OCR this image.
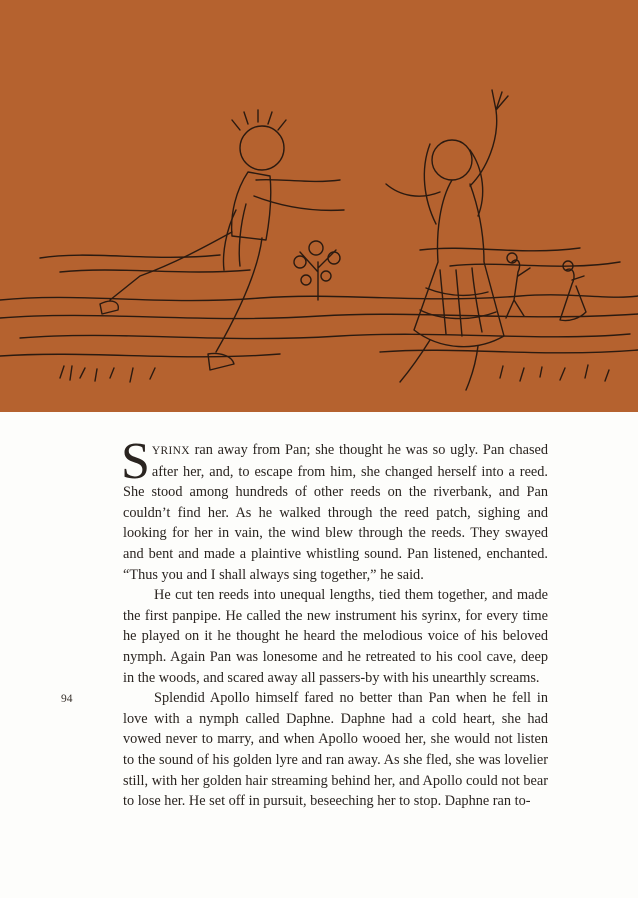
SYRINX ran away from Pan; she thought he was so ugly. Pan chased after her, and, to escape from him, she changed herself into a reed. She stood among hundreds of other reeds on the riverbank, and Pan couldn’t find her. As he walked through the reed patch, sighing and looking for her in vain, the wind blew through the reeds. They swayed and bent and made a plaintive whistling sound. Pan listened, enchanted. “Thus you and I shall always sing together,” he said.

He cut ten reeds into unequal lengths, tied them together, and made the first panpipe. He called the new instrument his syrinx, for every time he played on it he thought he heard the melodious voice of his beloved nymph. Again Pan was lonesome and he retreated to his cool cave, deep in the woods, and scared away all passers-by with his unearthly screams.

Splendid Apollo himself fared no better than Pan when he fell in love with a nymph called Daphne. Daphne had a cold heart, she had vowed never to marry, and when Apollo wooed her, she would not listen to the sound of his golden lyre and ran away. As she fled, she was lovelier still, with her golden hair streaming behind her, and Apollo could not bear to lose her. He set off in pursuit, beseeching her to stop. Daphne ran to-

94
